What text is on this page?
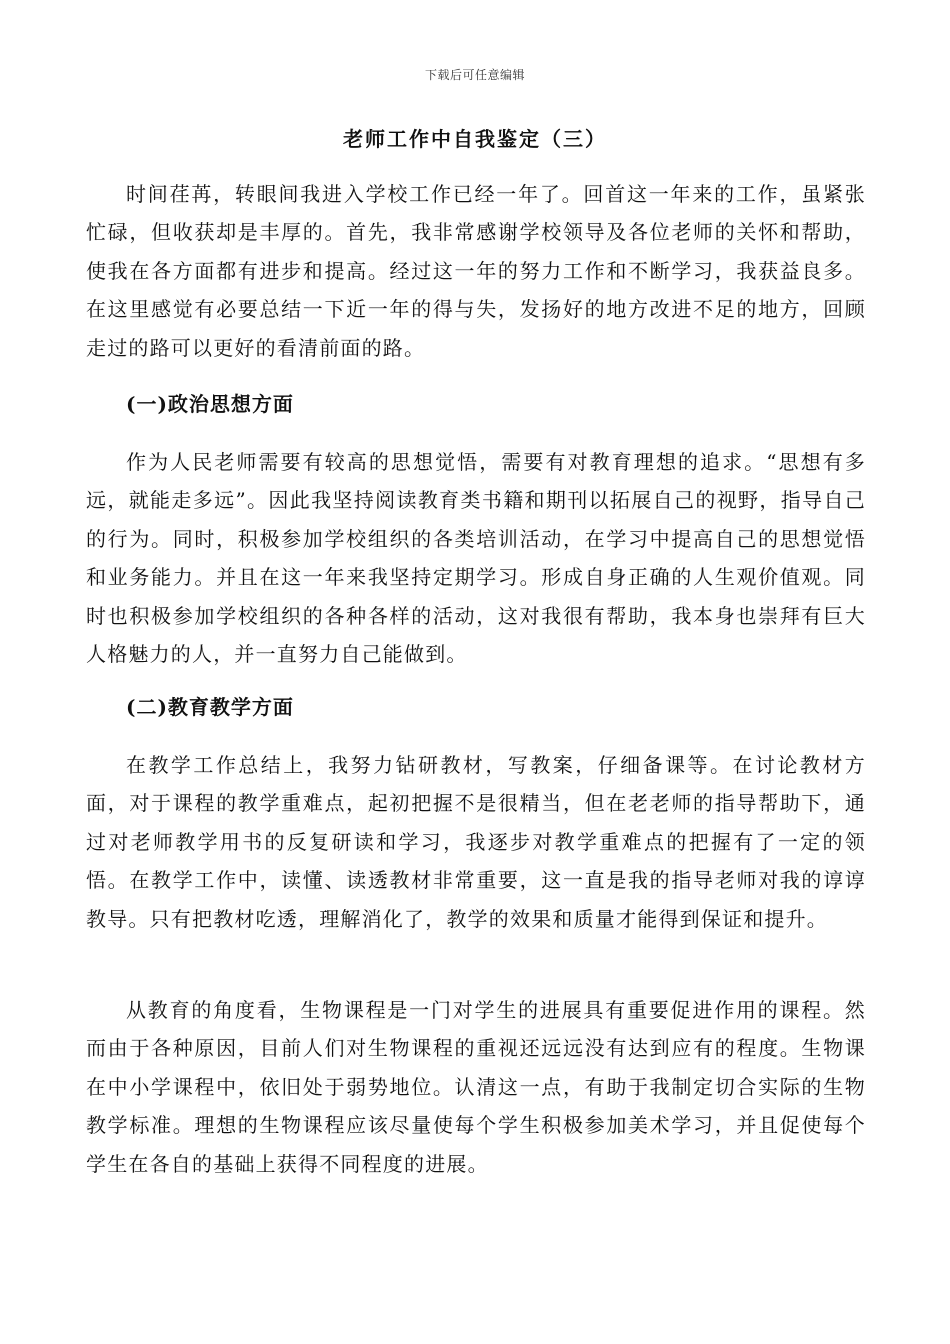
下载后可任意编辑
老师工作中自我鉴定（三）

时间荏苒，转眼间我进入学校工作已经一年了。回首这一年来的工作，虽紧张忙碌，但收获却是丰厚的。首先，我非常感谢学校领导及各位老师的关怀和帮助，使我在各方面都有进步和提高。经过这一年的努力工作和不断学习，我获益良多。在这里感觉有必要总结一下近一年的得与失，发扬好的地方改进不足的地方，回顾走过的路可以更好的看清前面的路。

(一)政治思想方面

作为人民老师需要有较高的思想觉悟，需要有对教育理想的追求。“思想有多远，就能走多远”。因此我坚持阅读教育类书籍和期刊以拓展自己的视野，指导自己的行为。同时，积极参加学校组织的各类培训活动，在学习中提高自己的思想觉悟和业务能力。并且在这一年来我坚持定期学习。形成自身正确的人生观价值观。同时也积极参加学校组织的各种各样的活动，这对我很有帮助，我本身也崇拜有巨大人格魅力的人，并一直努力自己能做到。

(二)教育教学方面

在教学工作总结上，我努力钻研教材，写教案，仔细备课等。在讨论教材方面，对于课程的教学重难点，起初把握不是很精当，但在老老师的指导帮助下，通过对老师教学用书的反复研读和学习，我逐步对教学重难点的把握有了一定的领悟。在教学工作中，读懂、读透教材非常重要，这一直是我的指导老师对我的谆谆教导。只有把教材吃透，理解消化了，教学的效果和质量才能得到保证和提升。

从教育的角度看，生物课程是一门对学生的进展具有重要促进作用的课程。然而由于各种原因，目前人们对生物课程的重视还远远没有达到应有的程度。生物课在中小学课程中，依旧处于弱势地位。认清这一点，有助于我制定切合实际的生物教学标准。理想的生物课程应该尽量使每个学生积极参加美术学习，并且促使每个学生在各自的基础上获得不同程度的进展。
